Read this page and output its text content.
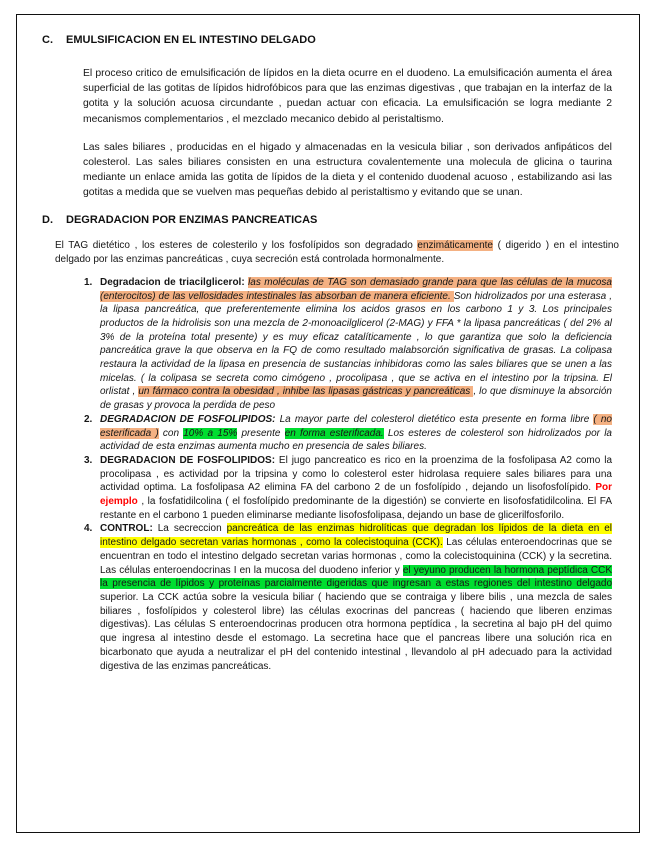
C. EMULSIFICACION EN EL INTESTINO DELGADO

El proceso critico de emulsificación de lípidos en la dieta ocurre en el duodeno. La emulsificación aumenta el área superficial de las gotitas de lípidos hidrofóbicos para que las enzimas digestivas , que trabajan en la interfaz de la gotita y la solución acuosa circundante , puedan actuar con eficacia. La emulsificación se logra mediante 2 mecanismos complementarios , el mezclado mecanico debido al peristaltismo.

Las sales biliares , producidas en el higado y almacenadas en la vesicula biliar , son derivados anfipáticos del colesterol. Las sales biliares consisten en una estructura covalentemente una molecula de glicina o taurina mediante un enlace amida las gotita de lípidos de la dieta y el contenido duodenal acuoso , estabilizando asi las gotitas a medida que se vuelven mas pequeñas debido al peristaltismo y evitando que se unan.

D. DEGRADACION POR ENZIMAS PANCREATICAS

El TAG dietético , los esteres de colesterilo y los fosfolípidos son degradado enzimáticamente ( digerido ) en el intestino delgado por las enzimas pancreáticas , cuya secreción está controlada hormonalmente.

1. Degradacion de triacilglicerol: las moléculas de TAG son demasiado grande para que las células de la mucosa (enterocitos) de las vellosidades intestinales las absorban de manera eficiente. Son hidrolizados por una esterasa , la lipasa pancreática, que preferentemente elimina los acidos grasos en los carbono 1 y 3. Los principales productos de la hidrolisis son una mezcla de 2-monoacilglicerol (2-MAG) y FFA * la lipasa pancreáticas ( del 2% al 3% de la proteína total presente) y es muy eficaz catalíticamente , lo que garantiza que solo la deficiencia pancreática grave la que observa en la FQ de como resultado malabsorción significativa de grasas. La colipasa restaura la actividad de la lipasa en presencia de sustancias inhibidoras como las sales biliares que se unen a las micelas. ( la colipasa se secreta como cimógeno , procolipasa , que se activa en el intestino por la tripsina. El orlistat , un fármaco contra la obesidad , inhibe las lipasas gástricas y pancreáticas , lo que disminuye la absorción de grasas y provoca la perdida de peso
2. DEGRADACION DE FOSFOLIPIDOS: La mayor parte del colesterol dietético esta presente en forma libre ( no esterificada ) con 10% a 15% presente en forma esterificada. Los esteres de colesterol son hidrolizados por la actividad de esta enzimas aumenta mucho en presencia de sales biliares.
3. DEGRADACION DE FOSFOLIPIDOS: El jugo pancreatico es rico en la proenzima de la fosfolipasa A2 como la procolipasa , es actividad por la tripsina y como lo colesterol ester hidrolasa requiere sales biliares para una actividad optima. La fosfolipasa A2 elimina FA del carbono 2 de un fosfolípido , dejando un lisofosfolípido. Por ejemplo , la fosfatidilcolina ( el fosfolípido predominante de la digestión) se convierte en lisofosfatidilcolina. El FA restante en el carbono 1 pueden eliminarse mediante lisofosfolipasa, dejando un base de glicerilfosforilo.
4. CONTROL: La secreccion pancreática de las enzimas hidrolíticas que degradan los lípidos de la dieta en el intestino delgado secretan varias hormonas , como la colecistoquina (CCK). Las células enteroendocrinas que se encuentran en todo el intestino delgado secretan varias hormonas , como la colecistoquinina (CCK) y la secretina. Las células enteroendocrinas I en la mucosa del duodeno inferior y el yeyuno producen la hormona peptídica CCK la presencia de lípidos y proteínas parcialmente digeridas que ingresan a estas regiones del intestino delgado superior. La CCK actúa sobre la vesicula biliar ( haciendo que se contraiga y libere bilis , una mezcla de sales biliares , fosfolípidos y colesterol libre) las células exocrinas del pancreas ( haciendo que liberen enzimas digestivas). Las células S enteroendocrinas producen otra hormona peptídica , la secretina al bajo pH del quimo que ingresa al intestino desde el estomago. La secretina hace que el pancreas libere una solución rica en bicarbonato que ayuda a neutralizar el pH del contenido intestinal , llevandolo al pH adecuado para la actividad digestiva de las enzimas pancreáticas.
